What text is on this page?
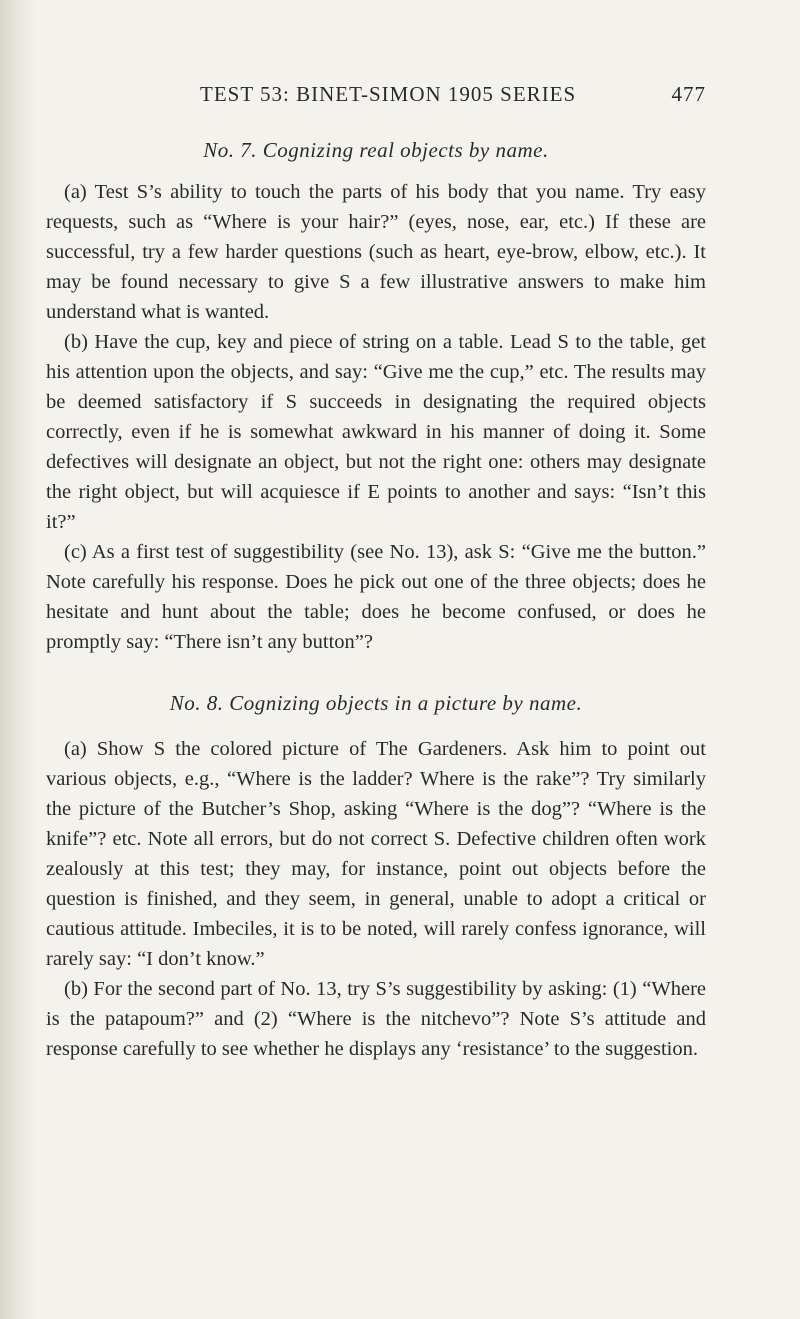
TEST 53: BINET-SIMON 1905 SERIES	477
No. 7. Cognizing real objects by name.

(a) Test S’s ability to touch the parts of his body that you name. Try easy requests, such as “Where is your hair?” (eyes, nose, ear, etc.) If these are successful, try a few harder questions (such as heart, eye-brow, elbow, etc.). It may be found necessary to give S a few illustrative answers to make him understand what is wanted.

(b) Have the cup, key and piece of string on a table. Lead S to the table, get his attention upon the objects, and say: “Give me the cup,” etc. The results may be deemed satisfactory if S succeeds in designating the required objects correctly, even if he is somewhat awkward in his manner of doing it. Some defectives will designate an object, but not the right one: others may designate the right object, but will acquiesce if E points to another and says: “Isn’t this it?”

(c) As a first test of suggestibility (see No. 13), ask S: “Give me the button.” Note carefully his response. Does he pick out one of the three objects; does he hesitate and hunt about the table; does he become confused, or does he promptly say: “There isn’t any button”?

No. 8. Cognizing objects in a picture by name.

(a) Show S the colored picture of The Gardeners. Ask him to point out various objects, e.g., “Where is the ladder? Where is the rake”? Try similarly the picture of the Butcher’s Shop, asking “Where is the dog”? “Where is the knife”? etc. Note all errors, but do not correct S. Defective children often work zealously at this test; they may, for instance, point out objects before the question is finished, and they seem, in general, unable to adopt a critical or cautious attitude. Imbeciles, it is to be noted, will rarely confess ignorance, will rarely say: “I don’t know.”

(b) For the second part of No. 13, try S’s suggestibility by asking: (1) “Where is the patapoum?” and (2) “Where is the nitchevo”? Note S’s attitude and response carefully to see whether he displays any ‘resistance’ to the suggestion.
